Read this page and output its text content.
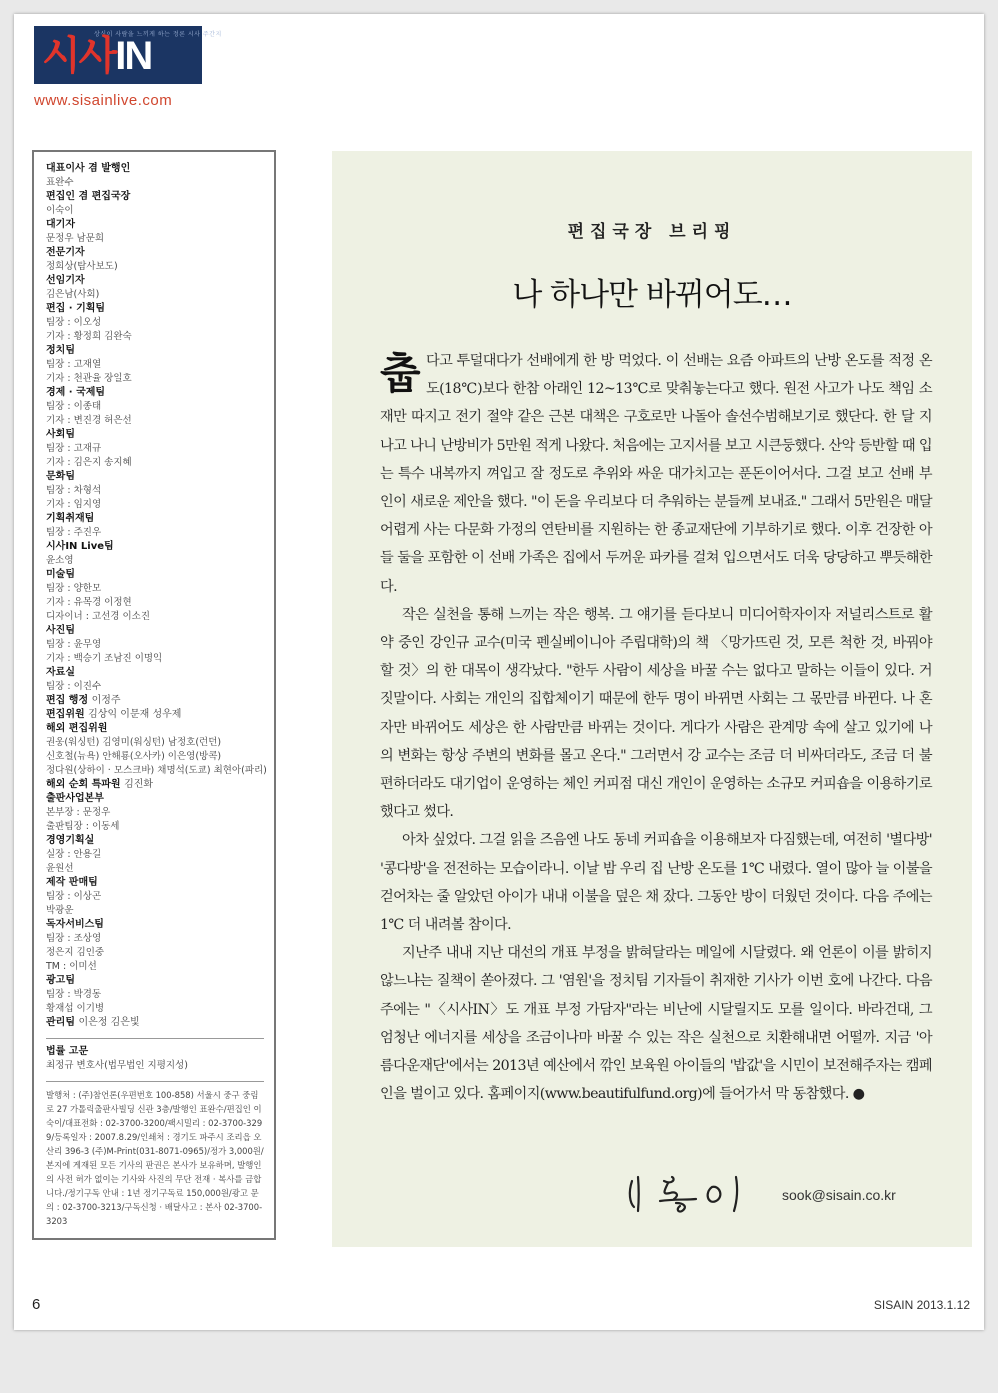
상식이 사람을 느끼게 하는 정론 시사 주간지
시사IN
www.sisainlive.com
대표이사 겸 발행인
표완수
편집인 겸 편집국장
이숙이
대기자
문정우 남문희
전문기자
정희상(탐사보도)
선임기자
김은남(사회)
편집 · 기획팀
팀장 : 이오성
기자 : 황정희 김완숙
정치팀
팀장 : 고재열
기자 : 천관율 장일호
경제 · 국제팀
팀장 : 이종태
기자 : 변진경 허은선
사회팀
팀장 : 고재규
기자 : 김은지 송지혜
문화팀
팀장 : 차형석
기자 : 임지영
기획취재팀
팀장 : 주진우
시사IN Live팀
윤소영
미술팀
팀장 : 양한모
기자 : 유목경 이정현
디자이너 : 고선경 이소진
사진팀
팀장 : 윤무영
기자 : 백승기 조남진 이명익
자료실
팀장 : 이진수
편집 행정 이정주
편집위원 김상익 이문재 성우제
해외 편집위원
권웅(워싱턴) 김영미(워싱턴) 남정호(런던)
신호철(뉴욕) 안해룡(오사카) 이은영(방콕)
정다원(상하이 · 모스크바) 채명석(도쿄) 최현아(파리)
해외 순회 특파원 김진화
출판사업본부
본부장 : 문정우
출판팀장 : 이동세
경영기획실
실장 : 안용길
윤원선
제작 판매팀
팀장 : 이상곤
박광운
독자서비스팀
팀장 : 조상영
정은지 김인중
TM : 이미선
광고팀
팀장 : 박경동
황재섭 이기병
관리팀 이은정 김은빛
법률 고문
최정규 변호사(법무법인 지평지성)
발행처 : (주)참언론(우편번호 100-858) 서울시 중구 중림로 27 가톨릭출판사빌딩 신관 3층/발행인 표완수/편집인 이숙이/대표전화 : 02-3700-3200/팩시밀리 : 02-3700-3299/등록일자 : 2007.8.29/인쇄처 : 경기도 파주시 조리읍 오산리 396-3 (주)M-Print(031-8071-0965)/정가 3,000원/본지에 게재된 모든 기사의 판권은 본사가 보유하며, 발행인의 사전 허가 없이는 기사와 사진의 무단 전재 · 복사를 금합니다./정기구독 안내 : 1년 정기구독료 150,000원/광고 문의 : 02-3700-3213/구독신청 · 배달사고 : 본사 02-3700-3203
편집국장 브리핑
나 하나만 바뀌어도…

춥다고 투덜대다가 선배에게 한 방 먹었다. 이 선배는 요즘 아파트의 난방 온도를 적정 온도(18℃)보다 한참 아래인 12~13℃로 맞춰놓는다고 했다. 원전 사고가 나도 책임 소재만 따지고 전기 절약 같은 근본 대책은 구호로만 나돌아 솔선수범해보기로 했단다. 한 달 지나고 나니 난방비가 5만원 적게 나왔다. 처음에는 고지서를 보고 시큰둥했다. 산악 등반할 때 입는 특수 내복까지 껴입고 잘 정도로 추위와 싸운 대가치고는 푼돈이어서다. 그걸 보고 선배 부인이 새로운 제안을 했다. "이 돈을 우리보다 더 추워하는 분들께 보내죠." 그래서 5만원은 매달 어렵게 사는 다문화 가정의 연탄비를 지원하는 한 종교재단에 기부하기로 했다. 이후 건장한 아들 둘을 포함한 이 선배 가족은 집에서 두꺼운 파카를 걸쳐 입으면서도 더욱 당당하고 뿌듯해한다.

작은 실천을 통해 느끼는 작은 행복. 그 얘기를 듣다보니 미디어학자이자 저널리스트로 활약 중인 강인규 교수(미국 펜실베이니아 주립대학)의 책 〈망가뜨린 것, 모른 척한 것, 바꿔야 할 것〉의 한 대목이 생각났다. "한두 사람이 세상을 바꿀 수는 없다고 말하는 이들이 있다. 거짓말이다. 사회는 개인의 집합체이기 때문에 한두 명이 바뀌면 사회는 그 몫만큼 바뀐다. 나 혼자만 바뀌어도 세상은 한 사람만큼 바뀌는 것이다. 게다가 사람은 관계망 속에 살고 있기에 나의 변화는 항상 주변의 변화를 몰고 온다." 그러면서 강 교수는 조금 더 비싸더라도, 조금 더 불편하더라도 대기업이 운영하는 체인 커피점 대신 개인이 운영하는 소규모 커피숍을 이용하기로 했다고 썼다.

아차 싶었다. 그걸 읽을 즈음엔 나도 동네 커피숍을 이용해보자 다짐했는데, 여전히 '별다방' '콩다방'을 전전하는 모습이라니. 이날 밤 우리 집 난방 온도를 1℃ 내렸다. 열이 많아 늘 이불을 걷어차는 줄 알았던 아이가 내내 이불을 덮은 채 잤다. 그동안 방이 더웠던 것이다. 다음 주에는 1℃ 더 내려볼 참이다.

지난주 내내 지난 대선의 개표 부정을 밝혀달라는 메일에 시달렸다. 왜 언론이 이를 밝히지 않느냐는 질책이 쏟아졌다. 그 '염원'을 정치팀 기자들이 취재한 기사가 이번 호에 나간다. 다음 주에는 "〈시사IN〉도 개표 부정 가담자"라는 비난에 시달릴지도 모를 일이다. 바라건대, 그 엄청난 에너지를 세상을 조금이나마 바꿀 수 있는 작은 실천으로 치환해내면 어떨까. 지금 '아름다운재단'에서는 2013년 예산에서 깎인 보육원 아이들의 '밥값'을 시민이 보전해주자는 캠페인을 벌이고 있다. 홈페이지(www.beautifulfund.org)에 들어가서 막 동참했다. ●

sook@sisain.co.kr
6	SISAIN 2013.1.12
